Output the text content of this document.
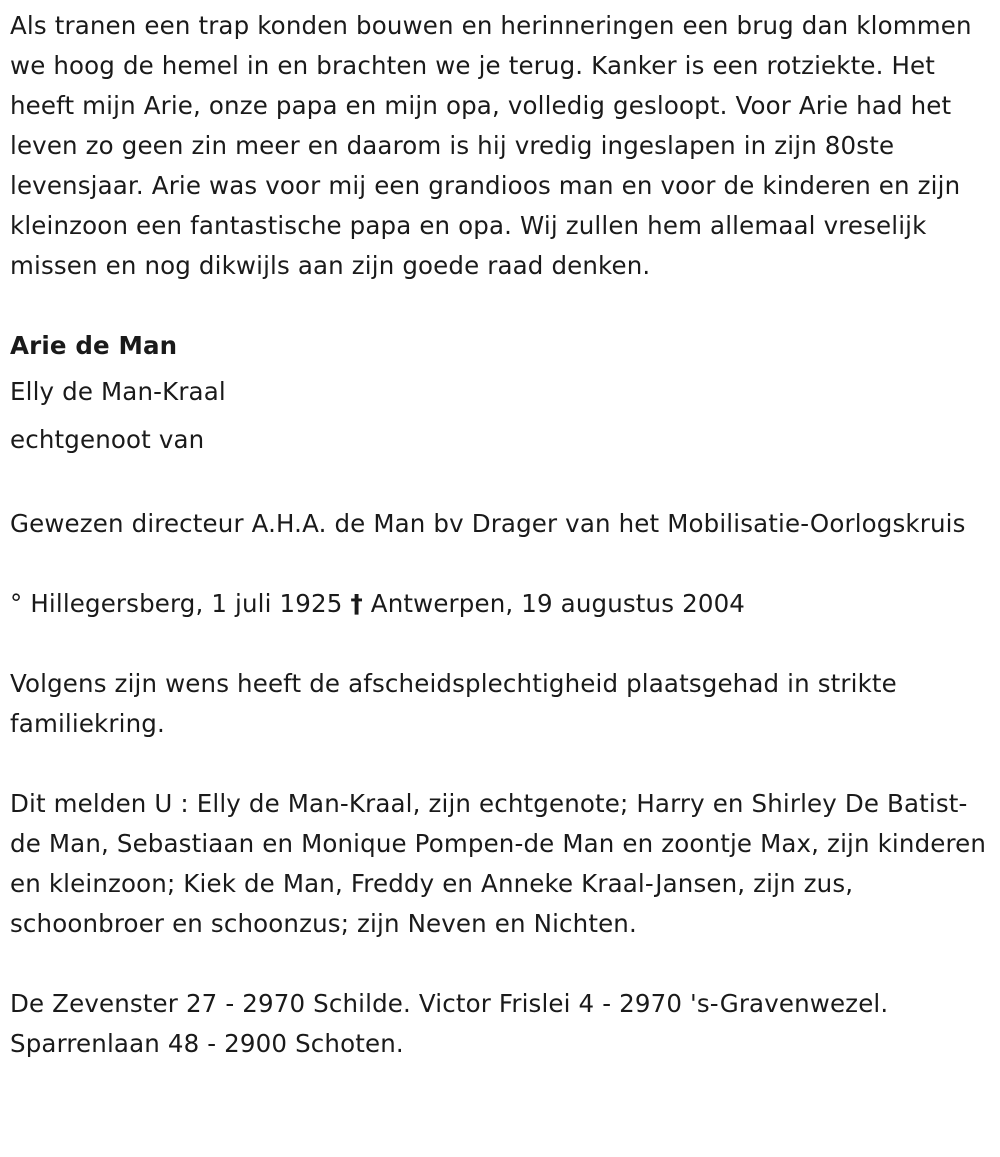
Als tranen een trap konden bouwen en herinneringen een brug dan klommen we hoog de hemel in en brachten we je terug. Kanker is een rotziekte. Het heeft mijn Arie, onze papa en mijn opa, volledig gesloopt. Voor Arie had het leven zo geen zin meer en daarom is hij vredig ingeslapen in zijn 80ste levensjaar. Arie was voor mij een grandioos man en voor de kinderen en zijn kleinzoon een fantastische papa en opa. Wij zullen hem allemaal vreselijk missen en nog dikwijls aan zijn goede raad denken.

Arie de Man

Elly de Man-Kraal

echtgenoot van

Gewezen directeur A.H.A. de Man bv Drager van het Mobilisatie-Oorlogskruis

° Hillegersberg, 1 juli 1925 † Antwerpen, 19 augustus 2004

Volgens zijn wens heeft de afscheidsplechtigheid plaatsgehad in strikte familiekring.

Dit melden U : Elly de Man-Kraal, zijn echtgenote; Harry en Shirley De Batist-de Man, Sebastiaan en Monique Pompen-de Man en zoontje Max, zijn kinderen en kleinzoon; Kiek de Man, Freddy en Anneke Kraal-Jansen, zijn zus, schoonbroer en schoonzus; zijn Neven en Nichten.

De Zevenster 27 - 2970 Schilde. Victor Frislei 4 - 2970 's-Gravenwezel. Sparrenlaan 48 - 2900 Schoten.
